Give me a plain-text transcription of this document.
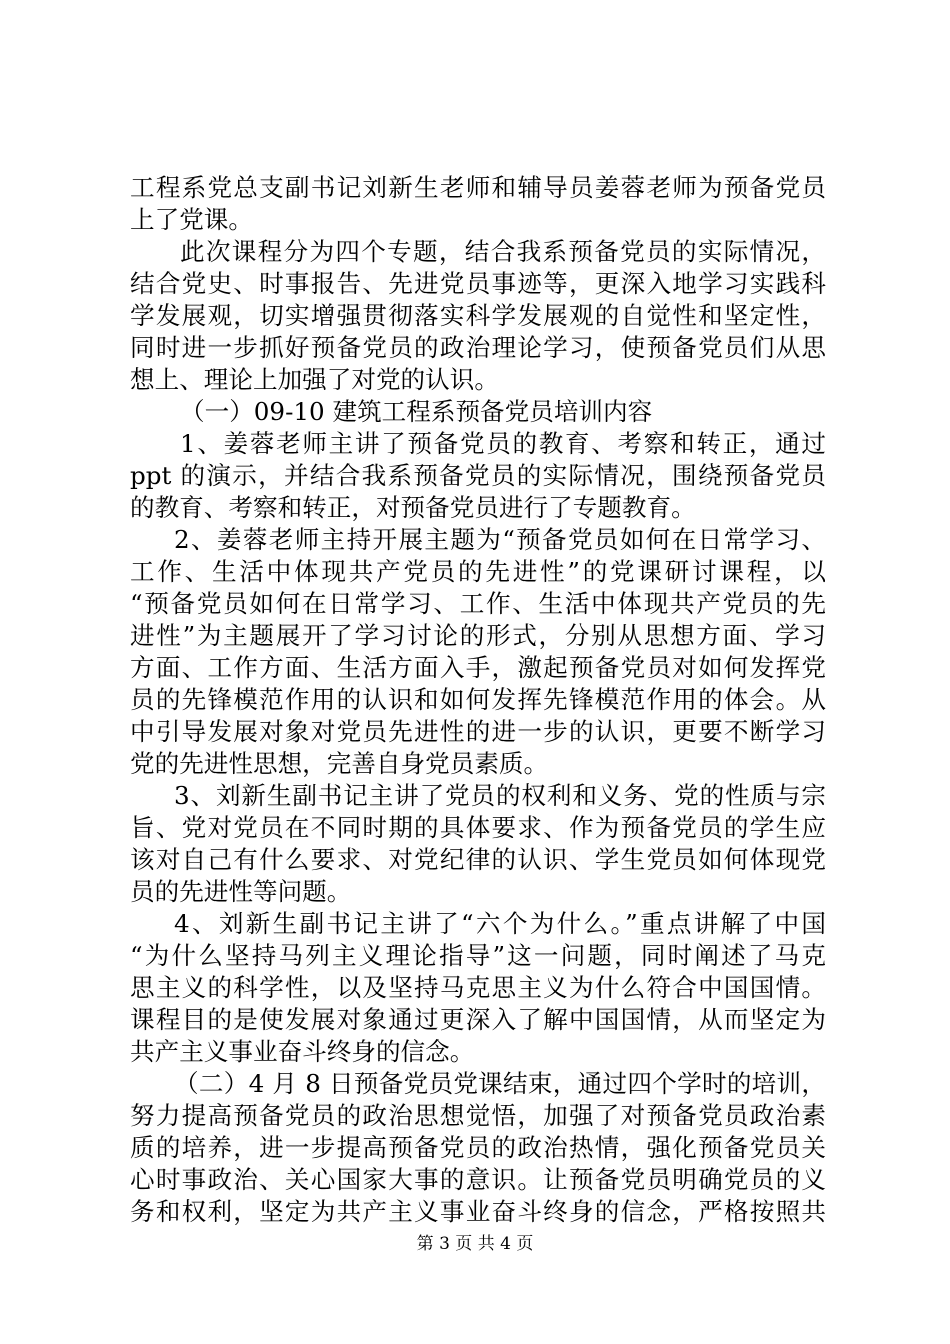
工程系党总支副书记刘新生老师和辅导员姜蓉老师为预备党员
上了党课。
此次课程分为四个专题，结合我系预备党员的实际情况，
结合党史、时事报告、先进党员事迹等，更深入地学习实践科
学发展观，切实增强贯彻落实科学发展观的自觉性和坚定性，
同时进一步抓好预备党员的政治理论学习，使预备党员们从思
想上、理论上加强了对党的认识。
（一）09-10 建筑工程系预备党员培训内容
1、姜蓉老师主讲了预备党员的教育、考察和转正，通过
ppt 的演示，并结合我系预备党员的实际情况，围绕预备党员
的教育、考察和转正，对预备党员进行了专题教育。
2、姜蓉老师主持开展主题为“预备党员如何在日常学习、
工作、生活中体现共产党员的先进性”的党课研讨课程，以
“预备党员如何在日常学习、工作、生活中体现共产党员的先
进性”为主题展开了学习讨论的形式，分别从思想方面、学习
方面、工作方面、生活方面入手，激起预备党员对如何发挥党
员的先锋模范作用的认识和如何发挥先锋模范作用的体会。从
中引导发展对象对党员先进性的进一步的认识，更要不断学习
党的先进性思想，完善自身党员素质。
3、刘新生副书记主讲了党员的权利和义务、党的性质与宗
旨、党对党员在不同时期的具体要求、作为预备党员的学生应
该对自己有什么要求、对党纪律的认识、学生党员如何体现党
员的先进性等问题。
4、刘新生副书记主讲了“六个为什么。”重点讲解了中国
“为什么坚持马列主义理论指导”这一问题，同时阐述了马克
思主义的科学性，以及坚持马克思主义为什么符合中国国情。
课程目的是使发展对象通过更深入了解中国国情，从而坚定为
共产主义事业奋斗终身的信念。
（二）4 月 8 日预备党员党课结束，通过四个学时的培训，
努力提高预备党员的政治思想觉悟，加强了对预备党员政治素
质的培养，进一步提高预备党员的政治热情，强化预备党员关
心时事政治、关心国家大事的意识。让预备党员明确党员的义
务和权利，坚定为共产主义事业奋斗终身的信念，严格按照共
第 3 页 共 4 页
